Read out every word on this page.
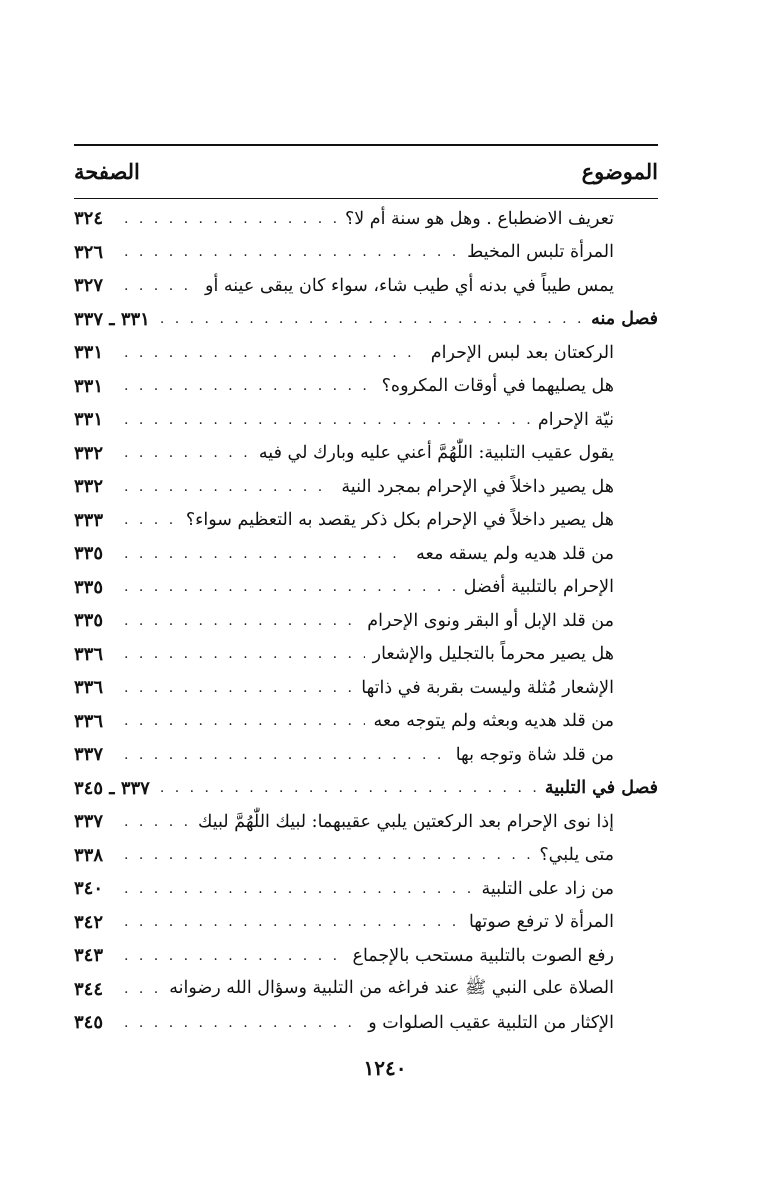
الموضوع
الصفحة
تعريف الاضطباع . وهل هو سنة أم لا؟
. . .
٣٢٤
المرأة تلبس المخيط
. . .
٣٢٦
يمس طيباً في بدنه أي طيب شاء، سواء كان يبقى عينه أو
. . .
٣٢٧
فصل منه
. . .
٣٣١ ـ ٣٣٧
الركعتان بعد لبس الإحرام
. . .
٣٣١
هل يصليهما في أوقات المكروه؟
. . .
٣٣١
نيّة الإحرام
. . .
٣٣١
يقول عقيب التلبية: اللّٰهُمَّ أعني عليه وبارك لي فيه
. . .
٣٣٢
هل يصير داخلاً في الإحرام بمجرد النية
. . .
٣٣٢
هل يصير داخلاً في الإحرام بكل ذكر يقصد به التعظيم سواء؟
. . .
٣٣٣
من قلد هديه ولم يسقه معه
. . .
٣٣٥
الإحرام بالتلبية أفضل
. . .
٣٣٥
من قلد الإبل أو البقر ونوى الإحرام
. . .
٣٣٥
هل يصير محرماً بالتجليل والإشعار
. . .
٣٣٦
الإشعار مُثلة وليست بقربة في ذاتها
. . .
٣٣٦
من قلد هديه وبعثه ولم يتوجه معه
. . .
٣٣٦
من قلد شاة وتوجه بها
. . .
٣٣٧
فصل في التلبية
. . .
٣٣٧ ـ ٣٤٥
إذا نوى الإحرام بعد الركعتين يلبي عقيبهما: لبيك اللّٰهُمَّ لبيك
. . .
٣٣٧
متى يلبي؟
. . .
٣٣٨
من زاد على التلبية
. . .
٣٤٠
المرأة لا ترفع صوتها
. . .
٣٤٢
رفع الصوت بالتلبية مستحب بالإجماع
. . .
٣٤٣
الصلاة على النبي ﷺ عند فراغه من التلبية وسؤال الله رضوانه
. . .
٣٤٤
الإكثار من التلبية عقيب الصلوات و
. . .
٣٤٥
١٢٤٠
